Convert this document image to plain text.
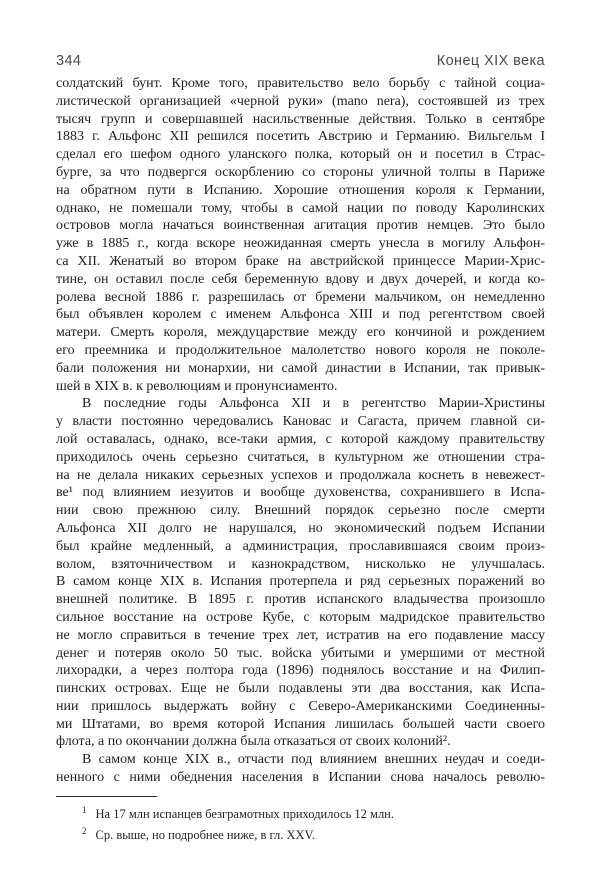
344	Конец XIX века
солдатский бунт. Кроме того, правительство вело борьбу с тайной социа-
листической организацией «черной руки» (mano nera), состоявшей из трех
тысяч групп и совершавшей насильственные действия. Только в сентябре
1883 г. Альфонс XII решился посетить Австрию и Германию. Вильгельм I
сделал его шефом одного уланского полка, который он и посетил в Страс-
бурге, за что подвергся оскорблению со стороны уличной толпы в Париже
на обратном пути в Испанию. Хорошие отношения короля к Германии,
однако, не помешали тому, чтобы в самой нации по поводу Каролинских
островов могла начаться воинственная агитация против немцев. Это было
уже в 1885 г., когда вскоре неожиданная смерть унесла в могилу Альфон-
са XII. Женатый во втором браке на австрийской принцессе Марии-Хрис-
тине, он оставил после себя беременную вдову и двух дочерей, и когда ко-
ролева весной 1886 г. разрешилась от бремени мальчиком, он немедленно
был объявлен королем с именем Альфонса XIII и под регентством своей
матери. Смерть короля, междуцарствие между его кончиной и рождением
его преемника и продолжительное малолетство нового короля не поколе-
бали положения ни монархии, ни самой династии в Испании, так привык-
шей в XIX в. к революциям и пронунсиаменто.
В последние годы Альфонса XII и в регентство Марии-Христины
у власти постоянно чередовались Кановас и Сагаста, причем главной си-
лой оставалась, однако, все-таки армия, с которой каждому правительству
приходилось очень серьезно считаться, в культурном же отношении стра-
на не делала никаких серьезных успехов и продолжала коснеть в невежест-
ве¹ под влиянием иезуитов и вообще духовенства, сохранившего в Испа-
нии свою прежнюю силу. Внешний порядок серьезно после смерти
Альфонса XII долго не нарушался, но экономический подъем Испании
был крайне медленный, а администрация, прославившаяся своим произ-
волом, взяточничеством и казнокрадством, нисколько не улучшалась.
В самом конце XIX в. Испания протерпела и ряд серьезных поражений во
внешней политике. В 1895 г. против испанского владычества произошло
сильное восстание на острове Кубе, с которым мадридское правительство
не могло справиться в течение трех лет, истратив на его подавление массу
денег и потеряв около 50 тыс. войска убитыми и умершими от местной
лихорадки, а через полтора года (1896) поднялось восстание и на Филип-
пинских островах. Еще не были подавлены эти два восстания, как Испа-
нии пришлось выдержать войну с Северо-Американскими Соединенны-
ми Штатами, во время которой Испания лишилась большей части своего
флота, а по окончании должна была отказаться от своих колоний².
В самом конце XIX в., отчасти под влиянием внешних неудач и соеди-
ненного с ними обеднения населения в Испании снова началось револю-
$^1$ На 17 млн испанцев безграмотных приходилось 12 млн.
$^2$ Ср. выше, но подробнее ниже, в гл. XXV.
